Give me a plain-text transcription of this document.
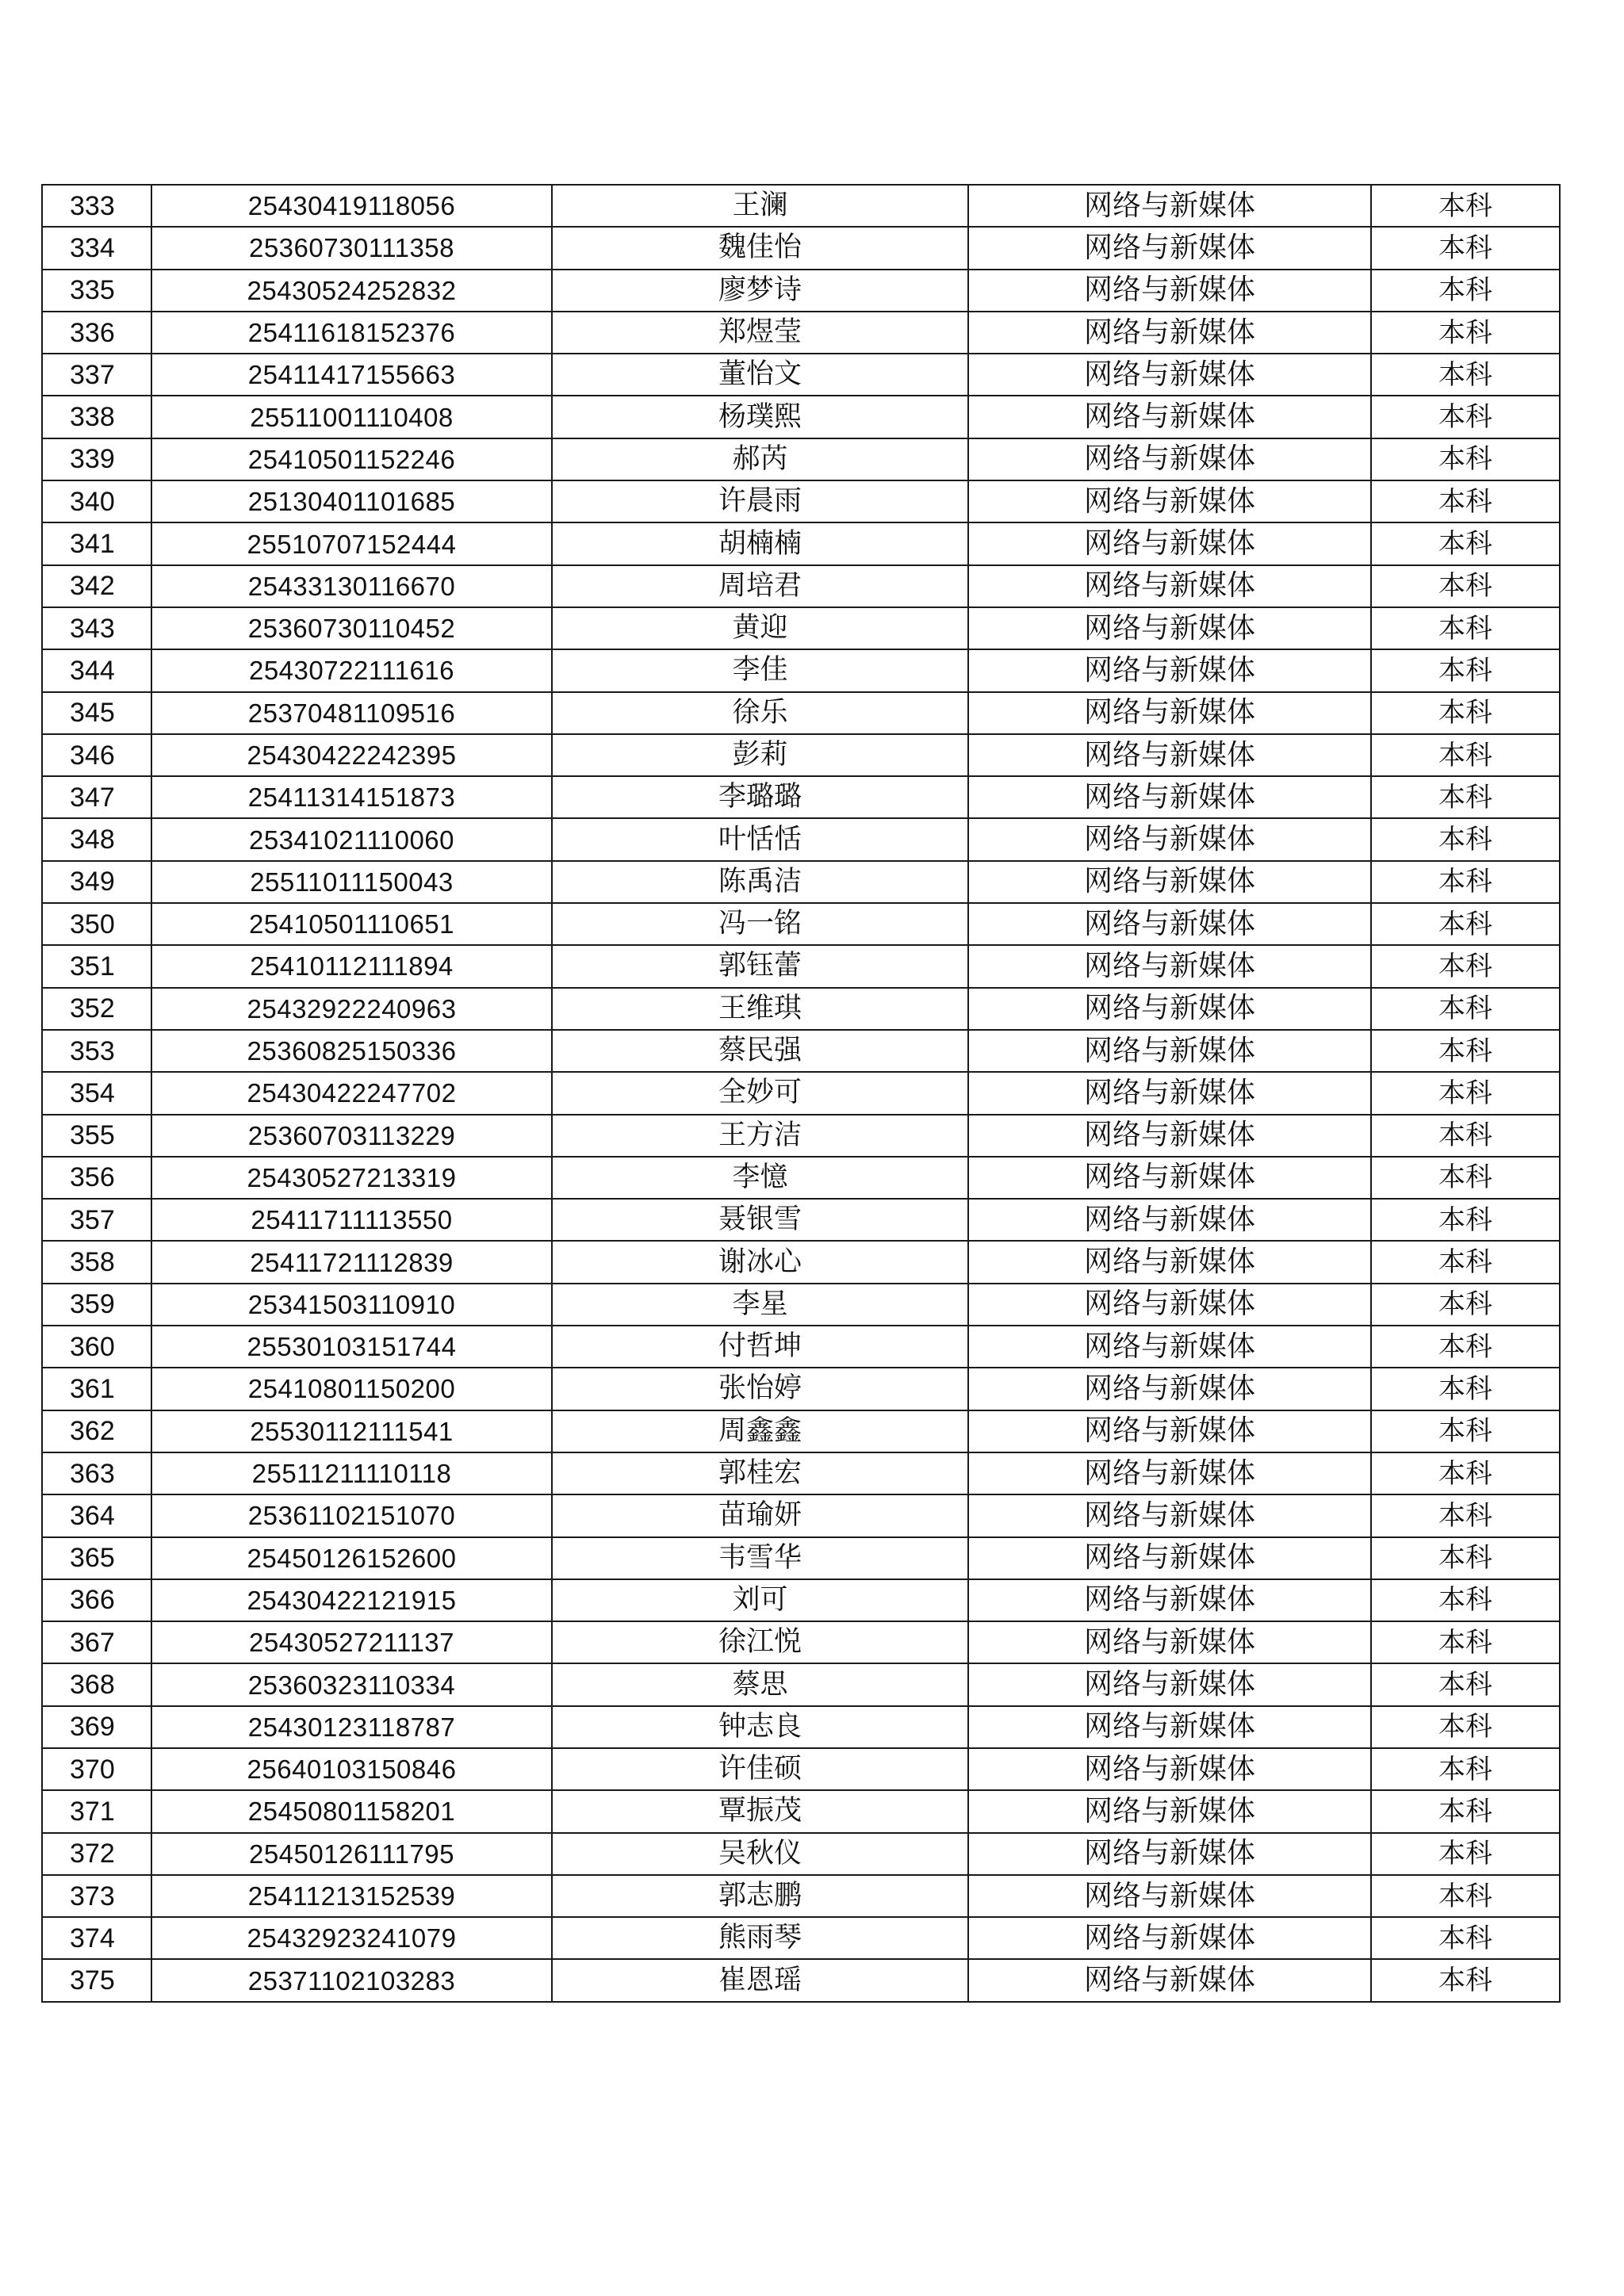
333	25430419118056	王澜	网络与新媒体	本科
334	25360730111358	魏佳怡	网络与新媒体	本科
335	25430524252832	廖梦诗	网络与新媒体	本科
336	25411618152376	郑煜莹	网络与新媒体	本科
337	25411417155663	董怡文	网络与新媒体	本科
338	25511001110408	杨璞熙	网络与新媒体	本科
339	25410501152246	郝芮	网络与新媒体	本科
340	25130401101685	许晨雨	网络与新媒体	本科
341	25510707152444	胡楠楠	网络与新媒体	本科
342	25433130116670	周培君	网络与新媒体	本科
343	25360730110452	黄迎	网络与新媒体	本科
344	25430722111616	李佳	网络与新媒体	本科
345	25370481109516	徐乐	网络与新媒体	本科
346	25430422242395	彭莉	网络与新媒体	本科
347	25411314151873	李璐璐	网络与新媒体	本科
348	25341021110060	叶恬恬	网络与新媒体	本科
349	25511011150043	陈禹洁	网络与新媒体	本科
350	25410501110651	冯一铭	网络与新媒体	本科
351	25410112111894	郭钰蕾	网络与新媒体	本科
352	25432922240963	王维琪	网络与新媒体	本科
353	25360825150336	蔡民强	网络与新媒体	本科
354	25430422247702	全妙可	网络与新媒体	本科
355	25360703113229	王方洁	网络与新媒体	本科
356	25430527213319	李憶	网络与新媒体	本科
357	25411711113550	聂银雪	网络与新媒体	本科
358	25411721112839	谢冰心	网络与新媒体	本科
359	25341503110910	李星	网络与新媒体	本科
360	25530103151744	付哲坤	网络与新媒体	本科
361	25410801150200	张怡婷	网络与新媒体	本科
362	25530112111541	周鑫鑫	网络与新媒体	本科
363	25511211110118	郭桂宏	网络与新媒体	本科
364	25361102151070	苗瑜妍	网络与新媒体	本科
365	25450126152600	韦雪华	网络与新媒体	本科
366	25430422121915	刘可	网络与新媒体	本科
367	25430527211137	徐江悦	网络与新媒体	本科
368	25360323110334	蔡思	网络与新媒体	本科
369	25430123118787	钟志良	网络与新媒体	本科
370	25640103150846	许佳硕	网络与新媒体	本科
371	25450801158201	覃振茂	网络与新媒体	本科
372	25450126111795	吴秋仪	网络与新媒体	本科
373	25411213152539	郭志鹏	网络与新媒体	本科
374	25432923241079	熊雨琴	网络与新媒体	本科
375	25371102103283	崔恩瑶	网络与新媒体	本科
